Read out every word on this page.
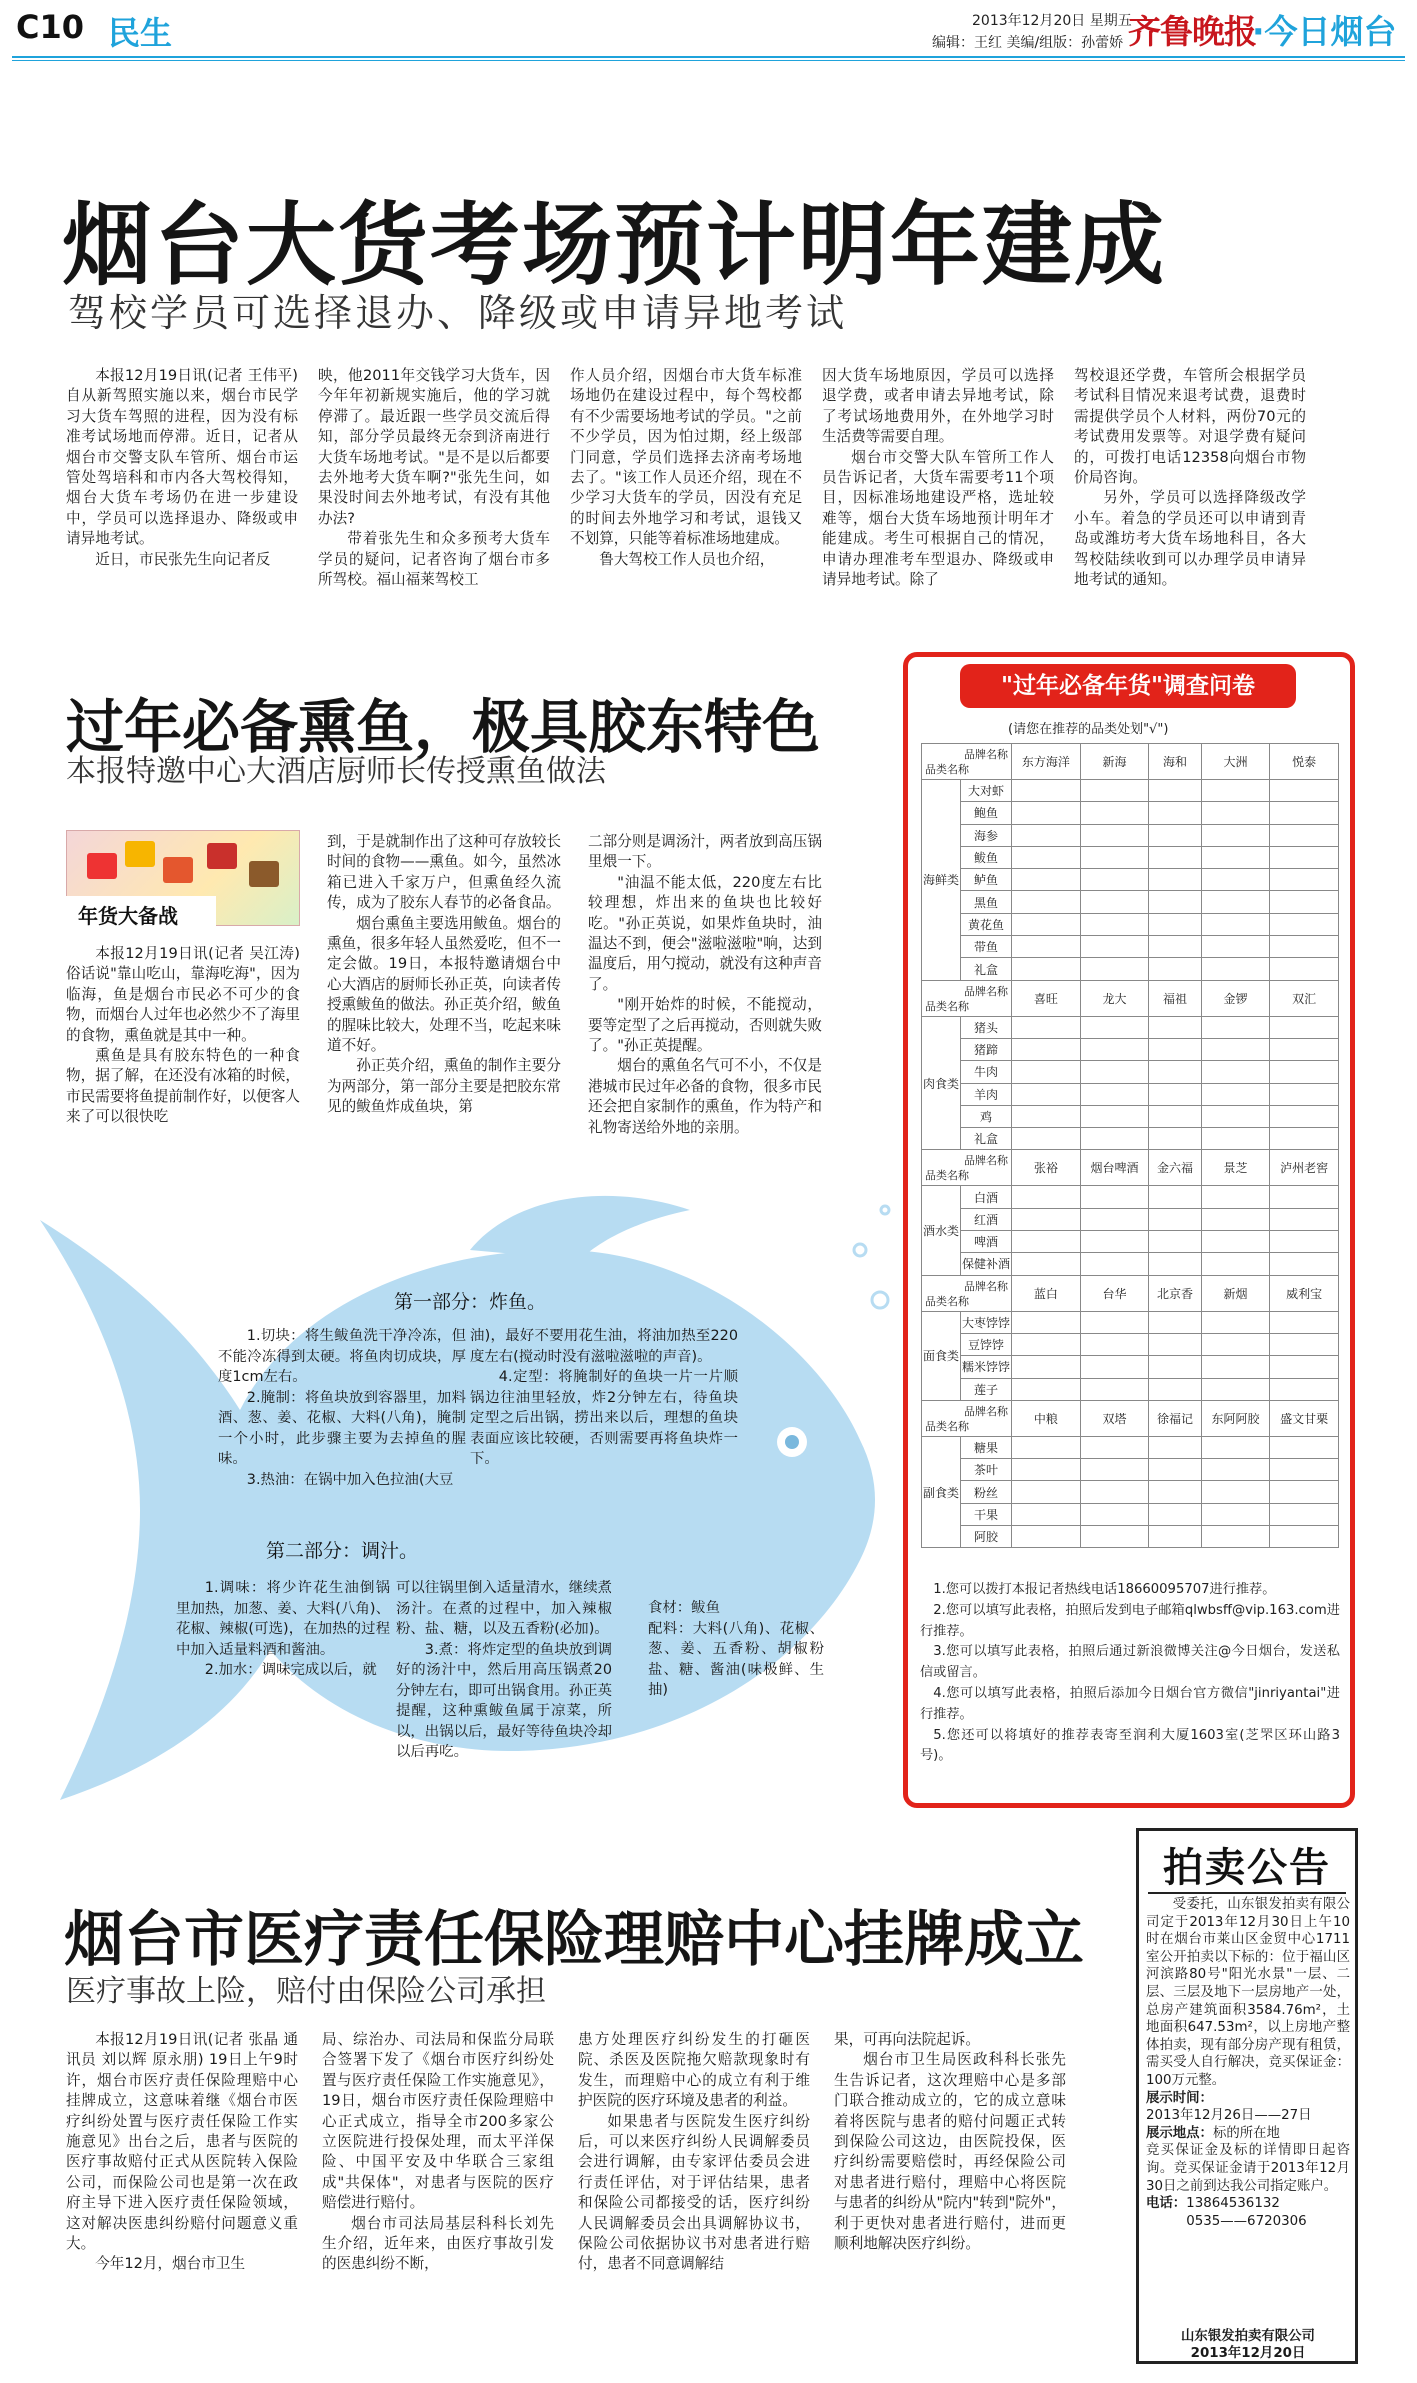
C10 民生	2013年12月20日 星期五
编辑：王红 美编/组版：孙蕾娇 齐鲁晚报
·今日烟台
烟台大货考场预计明年建成
驾校学员可选择退办、降级或申请异地考试

本报12月19日讯(记者 王伟平) 自从新驾照实施以来，烟台市民学习大货车驾照的进程，因为没有标准考试场地而停滞。近日，记者从烟台市交警支队车管所、烟台市运管处驾培科和市内各大驾校得知，烟台大货车考场仍在进一步建设中，学员可以选择退办、降级或申请异地考试。

近日，市民张先生向记者反

映，他2011年交钱学习大货车，因今年年初新规实施后，他的学习就停滞了。最近跟一些学员交流后得知，部分学员最终无奈到济南进行大货车场地考试。"是不是以后都要去外地考大货车啊?"张先生问，如果没时间去外地考试，有没有其他办法?

带着张先生和众多预考大货车学员的疑问，记者咨询了烟台市多所驾校。福山福莱驾校工

作人员介绍，因烟台市大货车标准场地仍在建设过程中，每个驾校都有不少需要场地考试的学员。"之前不少学员，因为怕过期，经上级部门同意，学员们选择去济南考场地去了。"该工作人员还介绍，现在不少学习大货车的学员，因没有充足的时间去外地学习和考试，退钱又不划算，只能等着标准场地建成。

鲁大驾校工作人员也介绍，

因大货车场地原因，学员可以选择退学费，或者申请去异地考试，除了考试场地费用外，在外地学习时生活费等需要自理。

烟台市交警大队车管所工作人员告诉记者，大货车需要考11个项目，因标准场地建设严格，选址较难等，烟台大货车场地预计明年才能建成。考生可根据自己的情况，申请办理准考车型退办、降级或申请异地考试。除了

驾校退还学费，车管所会根据学员考试科目情况来退考试费，退费时需提供学员个人材料，两份70元的考试费用发票等。对退学费有疑问的，可拨打电话12358向烟台市物价局咨询。

另外，学员可以选择降级改学小车。着急的学员还可以申请到青岛或潍坊考大货车场地科目，各大驾校陆续收到可以办理学员申请异地考试的通知。

过年必备熏鱼，极具胶东特色
本报特邀中心大酒店厨师长传授熏鱼做法
年货大备战

本报12月19日讯(记者 吴江涛) 俗话说"靠山吃山，靠海吃海"，因为临海，鱼是烟台市民必不可少的食物，而烟台人过年也必然少不了海里的食物，熏鱼就是其中一种。

熏鱼是具有胶东特色的一种食物，据了解，在还没有冰箱的时候，市民需要将鱼提前制作好，以便客人来了可以很快吃

到，于是就制作出了这种可存放较长时间的食物——熏鱼。如今，虽然冰箱已进入千家万户，但熏鱼经久流传，成为了胶东人春节的必备食品。

烟台熏鱼主要选用鲅鱼。烟台的熏鱼，很多年轻人虽然爱吃，但不一定会做。19日，本报特邀请烟台中心大酒店的厨师长孙正英，向读者传授熏鲅鱼的做法。孙正英介绍，鲅鱼的腥味比较大，处理不当，吃起来味道不好。

孙正英介绍，熏鱼的制作主要分为两部分，第一部分主要是把胶东常见的鲅鱼炸成鱼块，第

二部分则是调汤汁，两者放到高压锅里煨一下。

"油温不能太低，220度左右比较理想，炸出来的鱼块也比较好吃。"孙正英说，如果炸鱼块时，油温达不到，便会"滋啦滋啦"响，达到温度后，用勺搅动，就没有这种声音了。

"刚开始炸的时候，不能搅动，要等定型了之后再搅动，否则就失败了。"孙正英提醒。

烟台的熏鱼名气可不小，不仅是港城市民过年必备的食物，很多市民还会把自家制作的熏鱼，作为特产和礼物寄送给外地的亲朋。

第一部分：炸鱼。

1.切块：将生鲅鱼洗干净冷冻，但不能冷冻得到太硬。将鱼肉切成块，厚度1cm左右。

2.腌制：将鱼块放到容器里，加料酒、葱、姜、花椒、大料(八角)，腌制一个小时，此步骤主要为去掉鱼的腥味。

3.热油：在锅中加入色拉油(大豆

油)，最好不要用花生油，将油加热至220度左右(搅动时没有滋啦滋啦的声音)。

4.定型：将腌制好的鱼块一片一片顺锅边往油里轻放，炸2分钟左右，待鱼块定型之后出锅，捞出来以后，理想的鱼块表面应该比较硬，否则需要再将鱼块炸一下。

第二部分：调汁。

1.调味：将少许花生油倒锅里加热，加葱、姜、大料(八角)、花椒、辣椒(可选)，在加热的过程中加入适量料酒和酱油。

2.加水：调味完成以后，就

可以往锅里倒入适量清水，继续煮汤汁。在煮的过程中，加入辣椒粉、盐、糖，以及五香粉(必加)。

3.煮：将炸定型的鱼块放到调好的汤汁中，然后用高压锅煮20分钟左右，即可出锅食用。孙正英提醒，这种熏鲅鱼属于凉菜，所以，出锅以后，最好等待鱼块冷却以后再吃。

食材：鲅鱼

配料：大料(八角)、花椒、葱、姜、五香粉、胡椒粉盐、糖、酱油(味极鲜、生抽)

"过年必备年货"调查问卷
(请您在推荐的品类处划"√")
品牌名称
品类名称		东方海洋	新海	海和	大洲	悦泰
海鲜类	大对虾					
	鲍鱼					
	海参					
	鲅鱼					
	鲈鱼					
	黑鱼					
	黄花鱼					
	带鱼					
	礼盒					

品牌名称
品类名称		喜旺	龙大	福祖	金锣	双汇
肉食类	猪头					
	猪蹄					
	牛肉					
	羊肉					
	鸡					
	礼盒					

品牌名称
品类名称		张裕	烟台啤酒	金六福	景芝	泸州老窖
酒水类	白酒					
	红酒					
	啤酒					
	保健补酒					

品牌名称
品类名称		蓝白	台华	北京香	新烟	威利宝
面食类	大枣饽饽					
	豆饽饽					
	糯米饽饽					
	莲子					

品牌名称
品类名称		中粮	双塔	徐福记	东阿阿胶	盛文甘栗
副食类	糖果					
	茶叶					
	粉丝					
	干果					
	阿胶					

1.您可以拨打本报记者热线电话18660095707进行推荐。

2.您可以填写此表格，拍照后发到电子邮箱qlwbsff@vip.163.com进行推荐。

3.您可以填写此表格，拍照后通过新浪微博关注@今日烟台，发送私信或留言。

4.您可以填写此表格，拍照后添加今日烟台官方微信"jinriyantai"进行推荐。

5.您还可以将填好的推荐表寄至润利大厦1603室(芝罘区环山路3号)。

烟台市医疗责任保险理赔中心挂牌成立
医疗事故上险，赔付由保险公司承担

本报12月19日讯(记者 张晶 通讯员 刘以辉 原永朋) 19日上午9时许，烟台市医疗责任保险理赔中心挂牌成立，这意味着继《烟台市医疗纠纷处置与医疗责任保险工作实施意见》出台之后，患者与医院的医疗事故赔付正式从医院转入保险公司，而保险公司也是第一次在政府主导下进入医疗责任保险领域，这对解决医患纠纷赔付问题意义重大。

今年12月，烟台市卫生

局、综治办、司法局和保监分局联合签署下发了《烟台市医疗纠纷处置与医疗责任保险工作实施意见》，19日，烟台市医疗责任保险理赔中心正式成立，指导全市200多家公立医院进行投保处理，而太平洋保险、中国平安及中华联合三家组成"共保体"，对患者与医院的医疗赔偿进行赔付。

烟台市司法局基层科科长刘先生介绍，近年来，由医疗事故引发的医患纠纷不断，

患方处理医疗纠纷发生的打砸医院、杀医及医院拖欠赔款现象时有发生，而理赔中心的成立有利于维护医院的医疗环境及患者的利益。

如果患者与医院发生医疗纠纷后，可以来医疗纠纷人民调解委员会进行调解，由专家评估委员会进行责任评估，对于评估结果，患者和保险公司都接受的话，医疗纠纷人民调解委员会出具调解协议书，保险公司依据协议书对患者进行赔付，患者不同意调解结

果，可再向法院起诉。

烟台市卫生局医政科科长张先生告诉记者，这次理赔中心是多部门联合推动成立的，它的成立意味着将医院与患者的赔付问题正式转到保险公司这边，由医院投保，医疗纠纷需要赔偿时，再经保险公司对患者进行赔付，理赔中心将医院与患者的纠纷从"院内"转到"院外"，利于更快对患者进行赔付，进而更顺利地解决医疗纠纷。

拍卖公告

受委托，山东银发拍卖有限公司定于2013年12月30日上午10时在烟台市莱山区金贸中心1711室公开拍卖以下标的：位于福山区河滨路80号"阳光水景"一层、二层、三层及地下一层房地产一处，总房产建筑面积3584.76m²，土地面积647.53m²，以上房地产整体拍卖，现有部分房产现有租赁，需买受人自行解决，竞买保证金：100万元整。

展示时间：
2013年12月26日——27日
展示地点：标的所在地
竞买保证金及标的详情即日起咨询。竞买保证金请于2013年12月30日之前到达我公司指定账户。
电话：13864536132
0535——6720306
山东银发拍卖有限公司
2013年12月20日
